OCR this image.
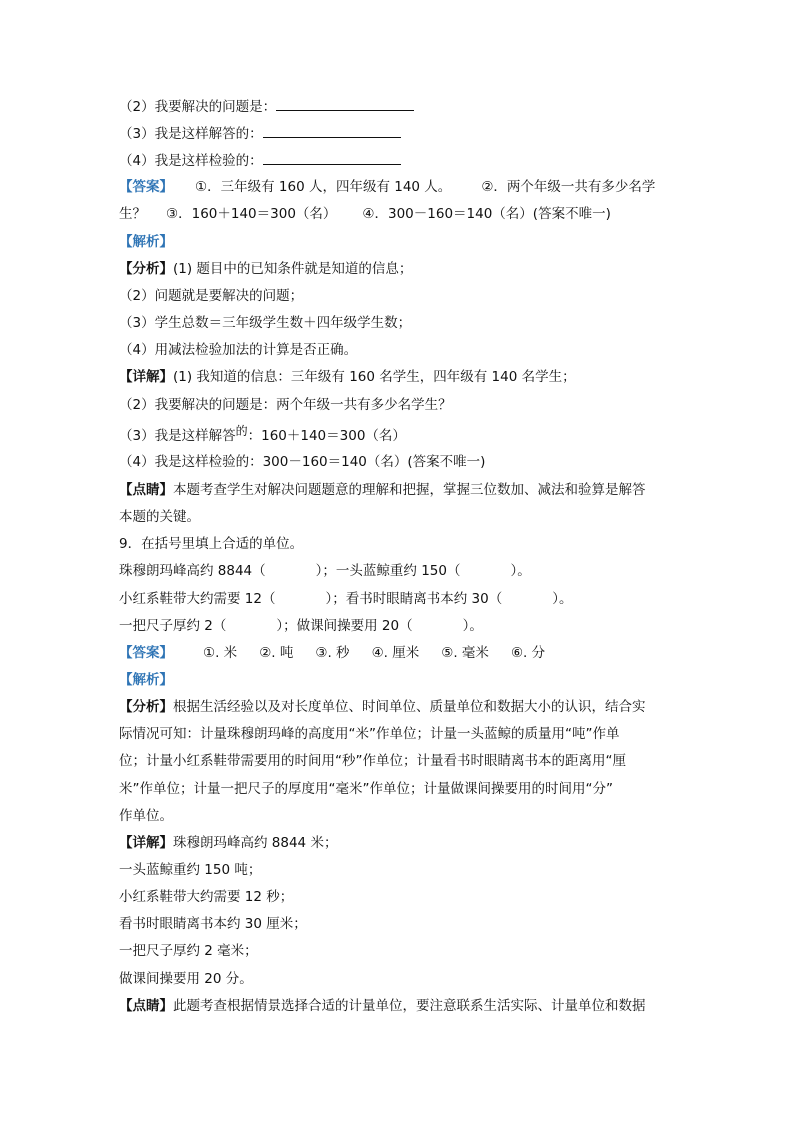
（2）我要解决的问题是：
（3）我是这样解答的：
（4）我是这样检验的：
【答案】 ①．三年级有 160 人，四年级有 140 人。 ②．两个年级一共有多少名学
生？ ③．160＋140＝300（名） ④．300－160＝140（名）(答案不唯一)
【解析】
【分析】(1) 题目中的已知条件就是知道的信息；
（2）问题就是要解决的问题；
（3）学生总数＝三年级学生数＋四年级学生数；
（4）用减法检验加法的计算是否正确。
【详解】(1) 我知道的信息：三年级有 160 名学生，四年级有 140 名学生；
（2）我要解决的问题是：两个年级一共有多少名学生？
（3）我是这样解答的：160＋140＝300（名）
（4）我是这样检验的：300－160＝140（名）(答案不唯一)
【点睛】本题考查学生对解决问题题意的理解和把握，掌握三位数加、减法和验算是解答
本题的关键。
9．在括号里填上合适的单位。
珠穆朗玛峰高约 8844（	）；一头蓝鲸重约 150（	）。
小红系鞋带大约需要 12（	）；看书时眼睛离书本约 30（	）。
一把尺子厚约 2（	）；做课间操要用 20（	）。
【答案】 ①. 米 ②. 吨 ③. 秒 ④. 厘米 ⑤. 毫米 ⑥. 分
【解析】
【分析】根据生活经验以及对长度单位、时间单位、质量单位和数据大小的认识，结合实
际情况可知：计量珠穆朗玛峰的高度用“米”作单位；计量一头蓝鲸的质量用“吨”作单
位；计量小红系鞋带需要用的时间用“秒”作单位；计量看书时眼睛离书本的距离用“厘
米”作单位；计量一把尺子的厚度用“毫米”作单位；计量做课间操要用的时间用“分”
作单位。
【详解】珠穆朗玛峰高约 8844 米；
一头蓝鲸重约 150 吨；
小红系鞋带大约需要 12 秒；
看书时眼睛离书本约 30 厘米；
一把尺子厚约 2 毫米；
做课间操要用 20 分。
【点睛】此题考查根据情景选择合适的计量单位，要注意联系生活实际、计量单位和数据
